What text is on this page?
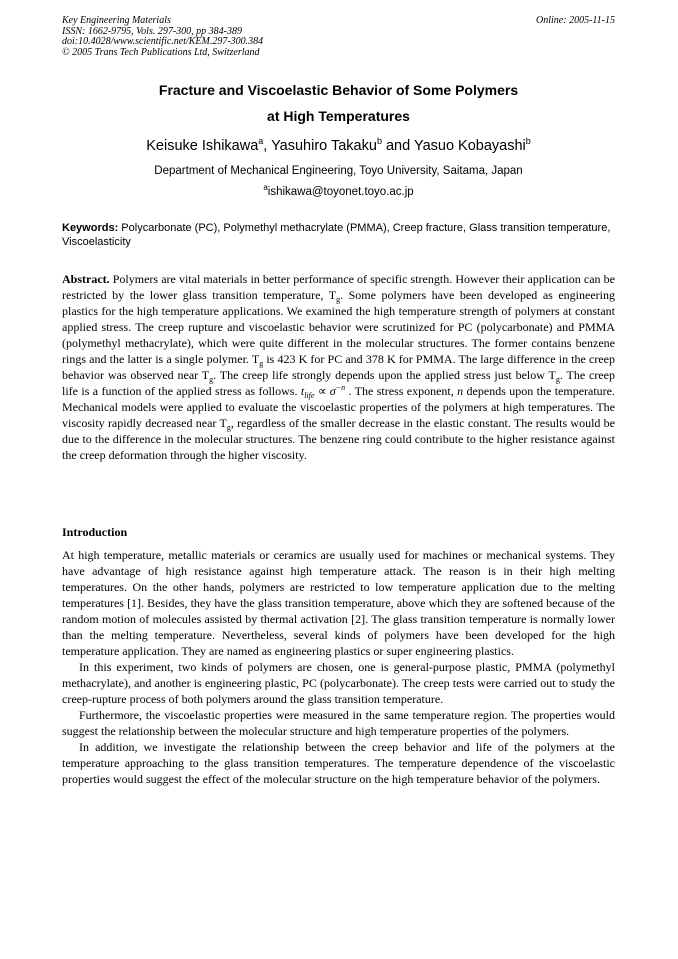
Key Engineering Materials
ISSN: 1662-9795, Vols. 297-300, pp 384-389
doi:10.4028/www.scientific.net/KEM.297-300.384
© 2005 Trans Tech Publications Ltd, Switzerland
Online: 2005-11-15
Fracture and Viscoelastic Behavior of Some Polymers
at High Temperatures
Keisuke Ishikawa$^a$, Yasuhiro Takaku$^b$ and Yasuo Kobayashi$^b$
Department of Mechanical Engineering, Toyo University, Saitama, Japan
$^a$ishikawa@toyonet.toyo.ac.jp
Keywords: Polycarbonate (PC), Polymethyl methacrylate (PMMA), Creep fracture, Glass transition temperature, Viscoelasticity
Abstract. Polymers are vital materials in better performance of specific strength. However their application can be restricted by the lower glass transition temperature, $T_g$. Some polymers have been developed as engineering plastics for the high temperature applications. We examined the high temperature strength of polymers at constant applied stress. The creep rupture and viscoelastic behavior were scrutinized for PC (polycarbonate) and PMMA (polymethyl methacrylate), which were quite different in the molecular structures. The former contains benzene rings and the latter is a single polymer. $T_g$ is 423 K for PC and 378 K for PMMA. The large difference in the creep behavior was observed near $T_g$. The creep life strongly depends upon the applied stress just below $T_g$. The creep life is a function of the applied stress as follows. $t_{life} \propto \sigma^{-n}$ . The stress exponent, n depends upon the temperature. Mechanical models were applied to evaluate the viscoelastic properties of the polymers at high temperatures. The viscosity rapidly decreased near $T_g$, regardless of the smaller decrease in the elastic constant. The results would be due to the difference in the molecular structures. The benzene ring could contribute to the higher resistance against the creep deformation through the higher viscosity.
Introduction

At high temperature, metallic materials or ceramics are usually used for machines or mechanical systems. They have advantage of high resistance against high temperature attack. The reason is in their high melting temperatures. On the other hands, polymers are restricted to low temperature application due to the melting temperatures [1]. Besides, they have the glass transition temperature, above which they are softened because of the random motion of molecules assisted by thermal activation [2]. The glass transition temperature is normally lower than the melting temperature. Nevertheless, several kinds of polymers have been developed for the high temperature application. They are named as engineering plastics or super engineering plastics.

In this experiment, two kinds of polymers are chosen, one is general-purpose plastic, PMMA (polymethyl methacrylate), and another is engineering plastic, PC (polycarbonate). The creep tests were carried out to study the creep-rupture process of both polymers around the glass transition temperature.

Furthermore, the viscoelastic properties were measured in the same temperature region. The properties would suggest the relationship between the molecular structure and high temperature properties of the polymers.

In addition, we investigate the relationship between the creep behavior and life of the polymers at the temperature approaching to the glass transition temperatures. The temperature dependence of the viscoelastic properties would suggest the effect of the molecular structure on the high temperature behavior of the polymers.
